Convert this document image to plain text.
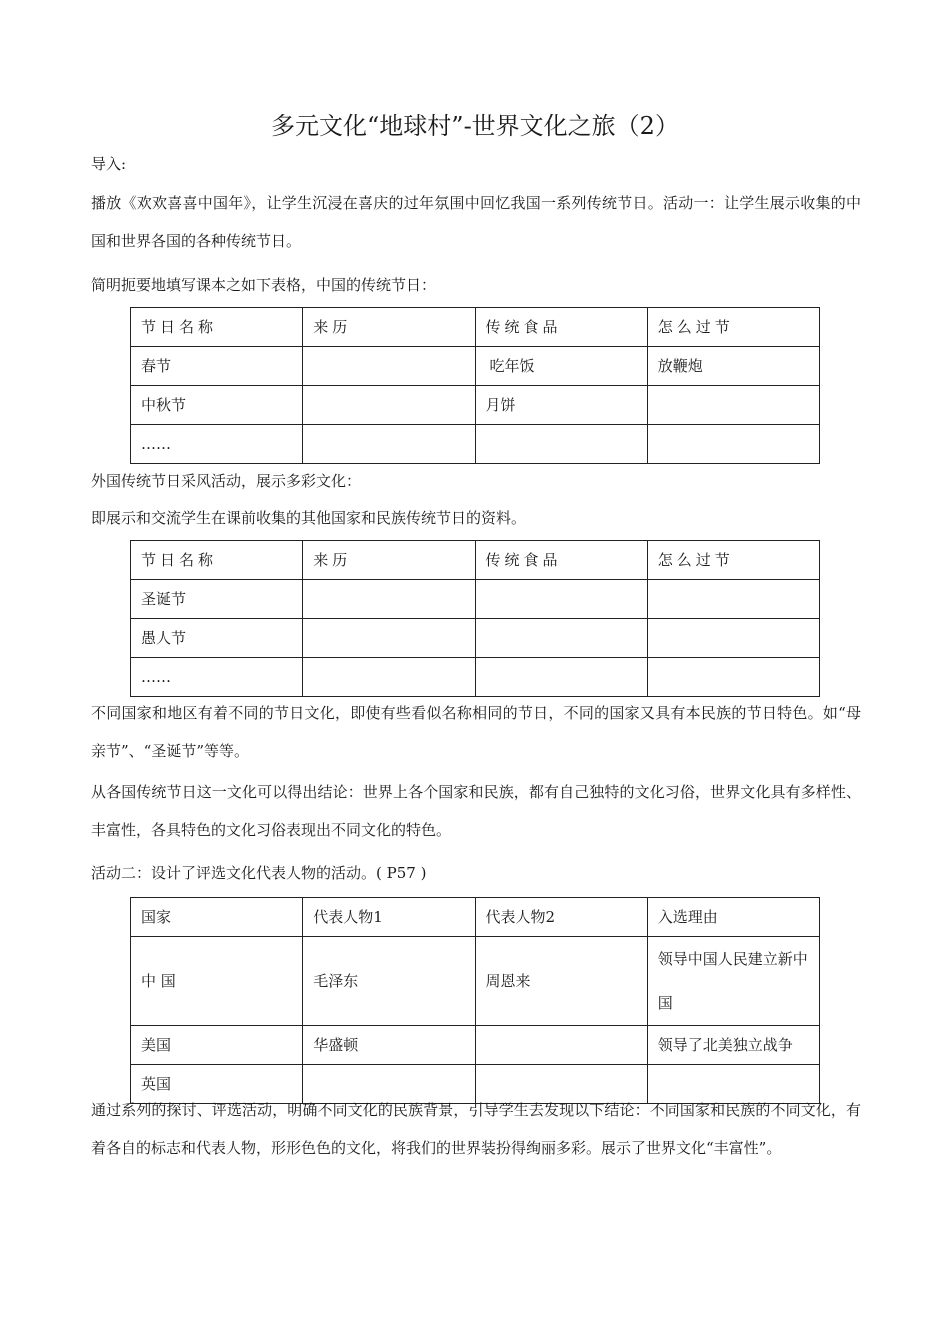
多元文化“地球村”-世界文化之旅（2）
导入:
播放《欢欢喜喜中国年》，让学生沉浸在喜庆的过年氛围中回忆我国一系列传统节日。活动一：让学生展示收集的中国和世界各国的各种传统节日。
简明扼要地填写课本之如下表格，中国的传统节日：
节日名称	来历	传统食品	怎么过节
春节		吃年饭	放鞭炮
中秋节		月饼	
……			
外国传统节日采风活动，展示多彩文化：
即展示和交流学生在课前收集的其他国家和民族传统节日的资料。
节日名称	来历	传统食品	怎么过节
圣诞节			
愚人节			
……			
不同国家和地区有着不同的节日文化，即使有些看似名称相同的节日，不同的国家又具有本民族的节日特色。如“母亲节”、“圣诞节”等等。
从各国传统节日这一文化可以得出结论：世界上各个国家和民族，都有自己独特的文化习俗，世界文化具有多样性、丰富性，各具特色的文化习俗表现出不同文化的特色。
活动二：设计了评选文化代表人物的活动。( P57 )
国家	代表人物1	代表人物2	入选理由
中 国	毛泽东	周恩来	领导中国人民建立新中国
美国	华盛顿		领导了北美独立战争
英国			
通过系列的探讨、评选活动，明确不同文化的民族背景，引导学生去发现以下结论：不同国家和民族的不同文化，有着各自的标志和代表人物，形形色色的文化，将我们的世界装扮得绚丽多彩。展示了世界文化“丰富性”。
